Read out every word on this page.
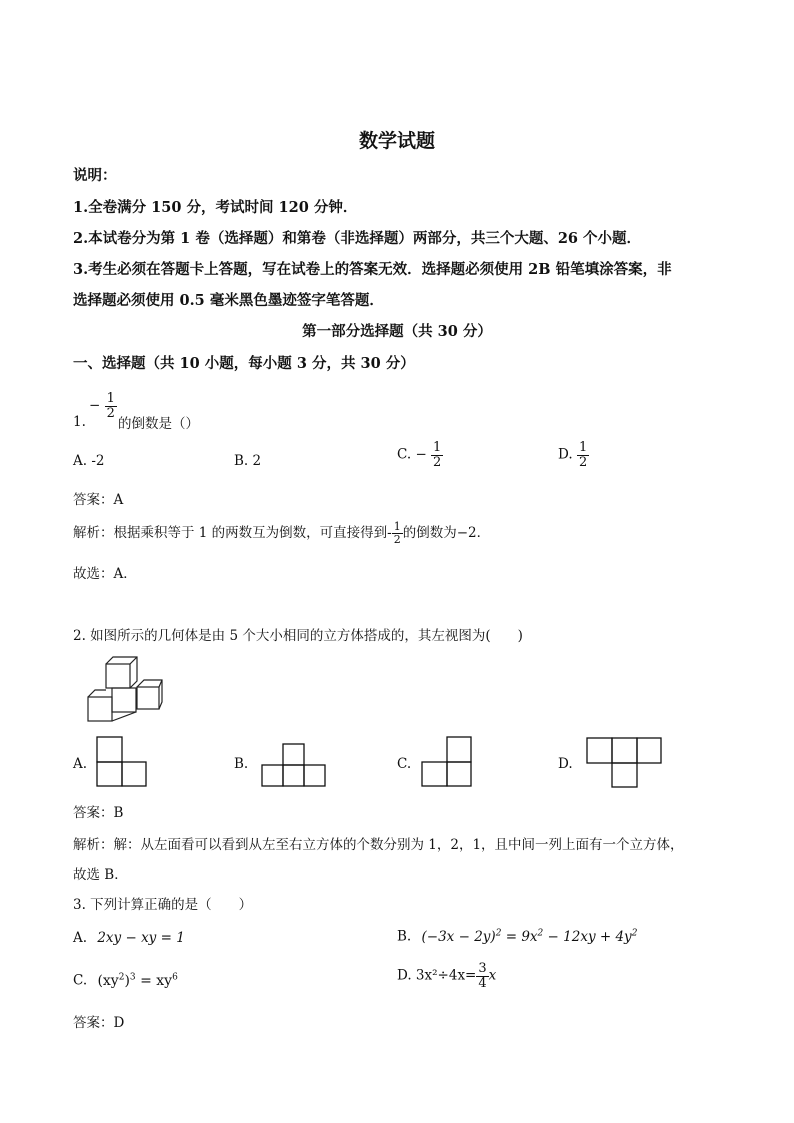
数学试题
说明：
1.全卷满分 150 分，考试时间 120 分钟．
2.本试卷分为第 1 卷（选择题）和第卷（非选择题）两部分，共三个大题、26 个小题．
3.考生必须在答题卡上答题，写在试卷上的答案无效．选择题必须使用 2B 铅笔填涂答案，非
选择题必须使用 0.5 毫米黑色墨迹签字笔答题．
第一部分选择题（共 30 分）
一、选择题（共 10 小题，每小题 3 分，共 30 分）
− $\frac{1}{2}$
1. 的倒数是（）
A. -2	B. 2	C. − $\frac{1}{2}$	D. $\frac{1}{2}$
答案：A
解析：根据乘积等于 1 的两数互为倒数，可直接得到- $\frac{1}{2}$ 的倒数为−2．
故选：A．
2. 如图所示的几何体是由 5 个大小相同的立方体搭成的，其左视图为(　　)
A.	B.	C.	D.
答案：B
解析：解：从左面看可以看到从左至右立方体的个数分别为 1，2，1，且中间一列上面有一个立方体，
故选 B．
3. 下列计算正确的是（　　）
A. 2xy − xy = 1	B. $(-3x - 2y)^2 = 9x^2 - 12xy + 4y^2$
C. $(xy^2)^3 = xy^6$	D. $3x^2\div 4x= \frac{3}{4}$ x
答案：D
